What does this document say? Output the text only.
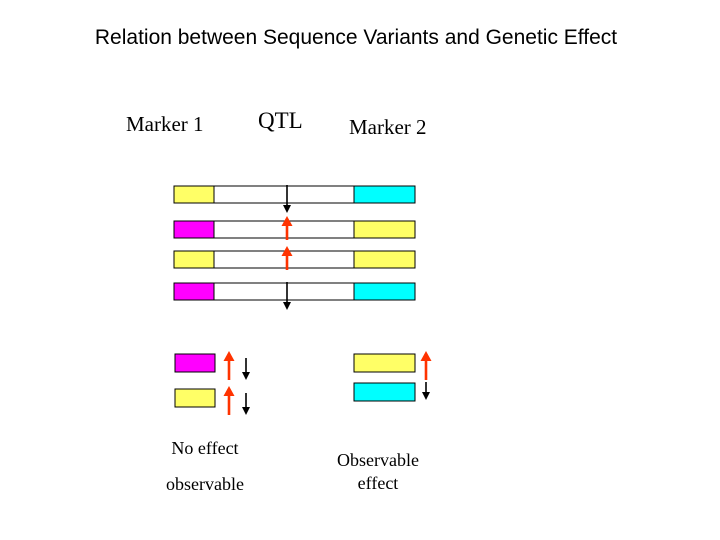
Relation between Sequence Variants and Genetic Effect
Marker 1 QTL Marker 2
No effect
observable
Observable effect
